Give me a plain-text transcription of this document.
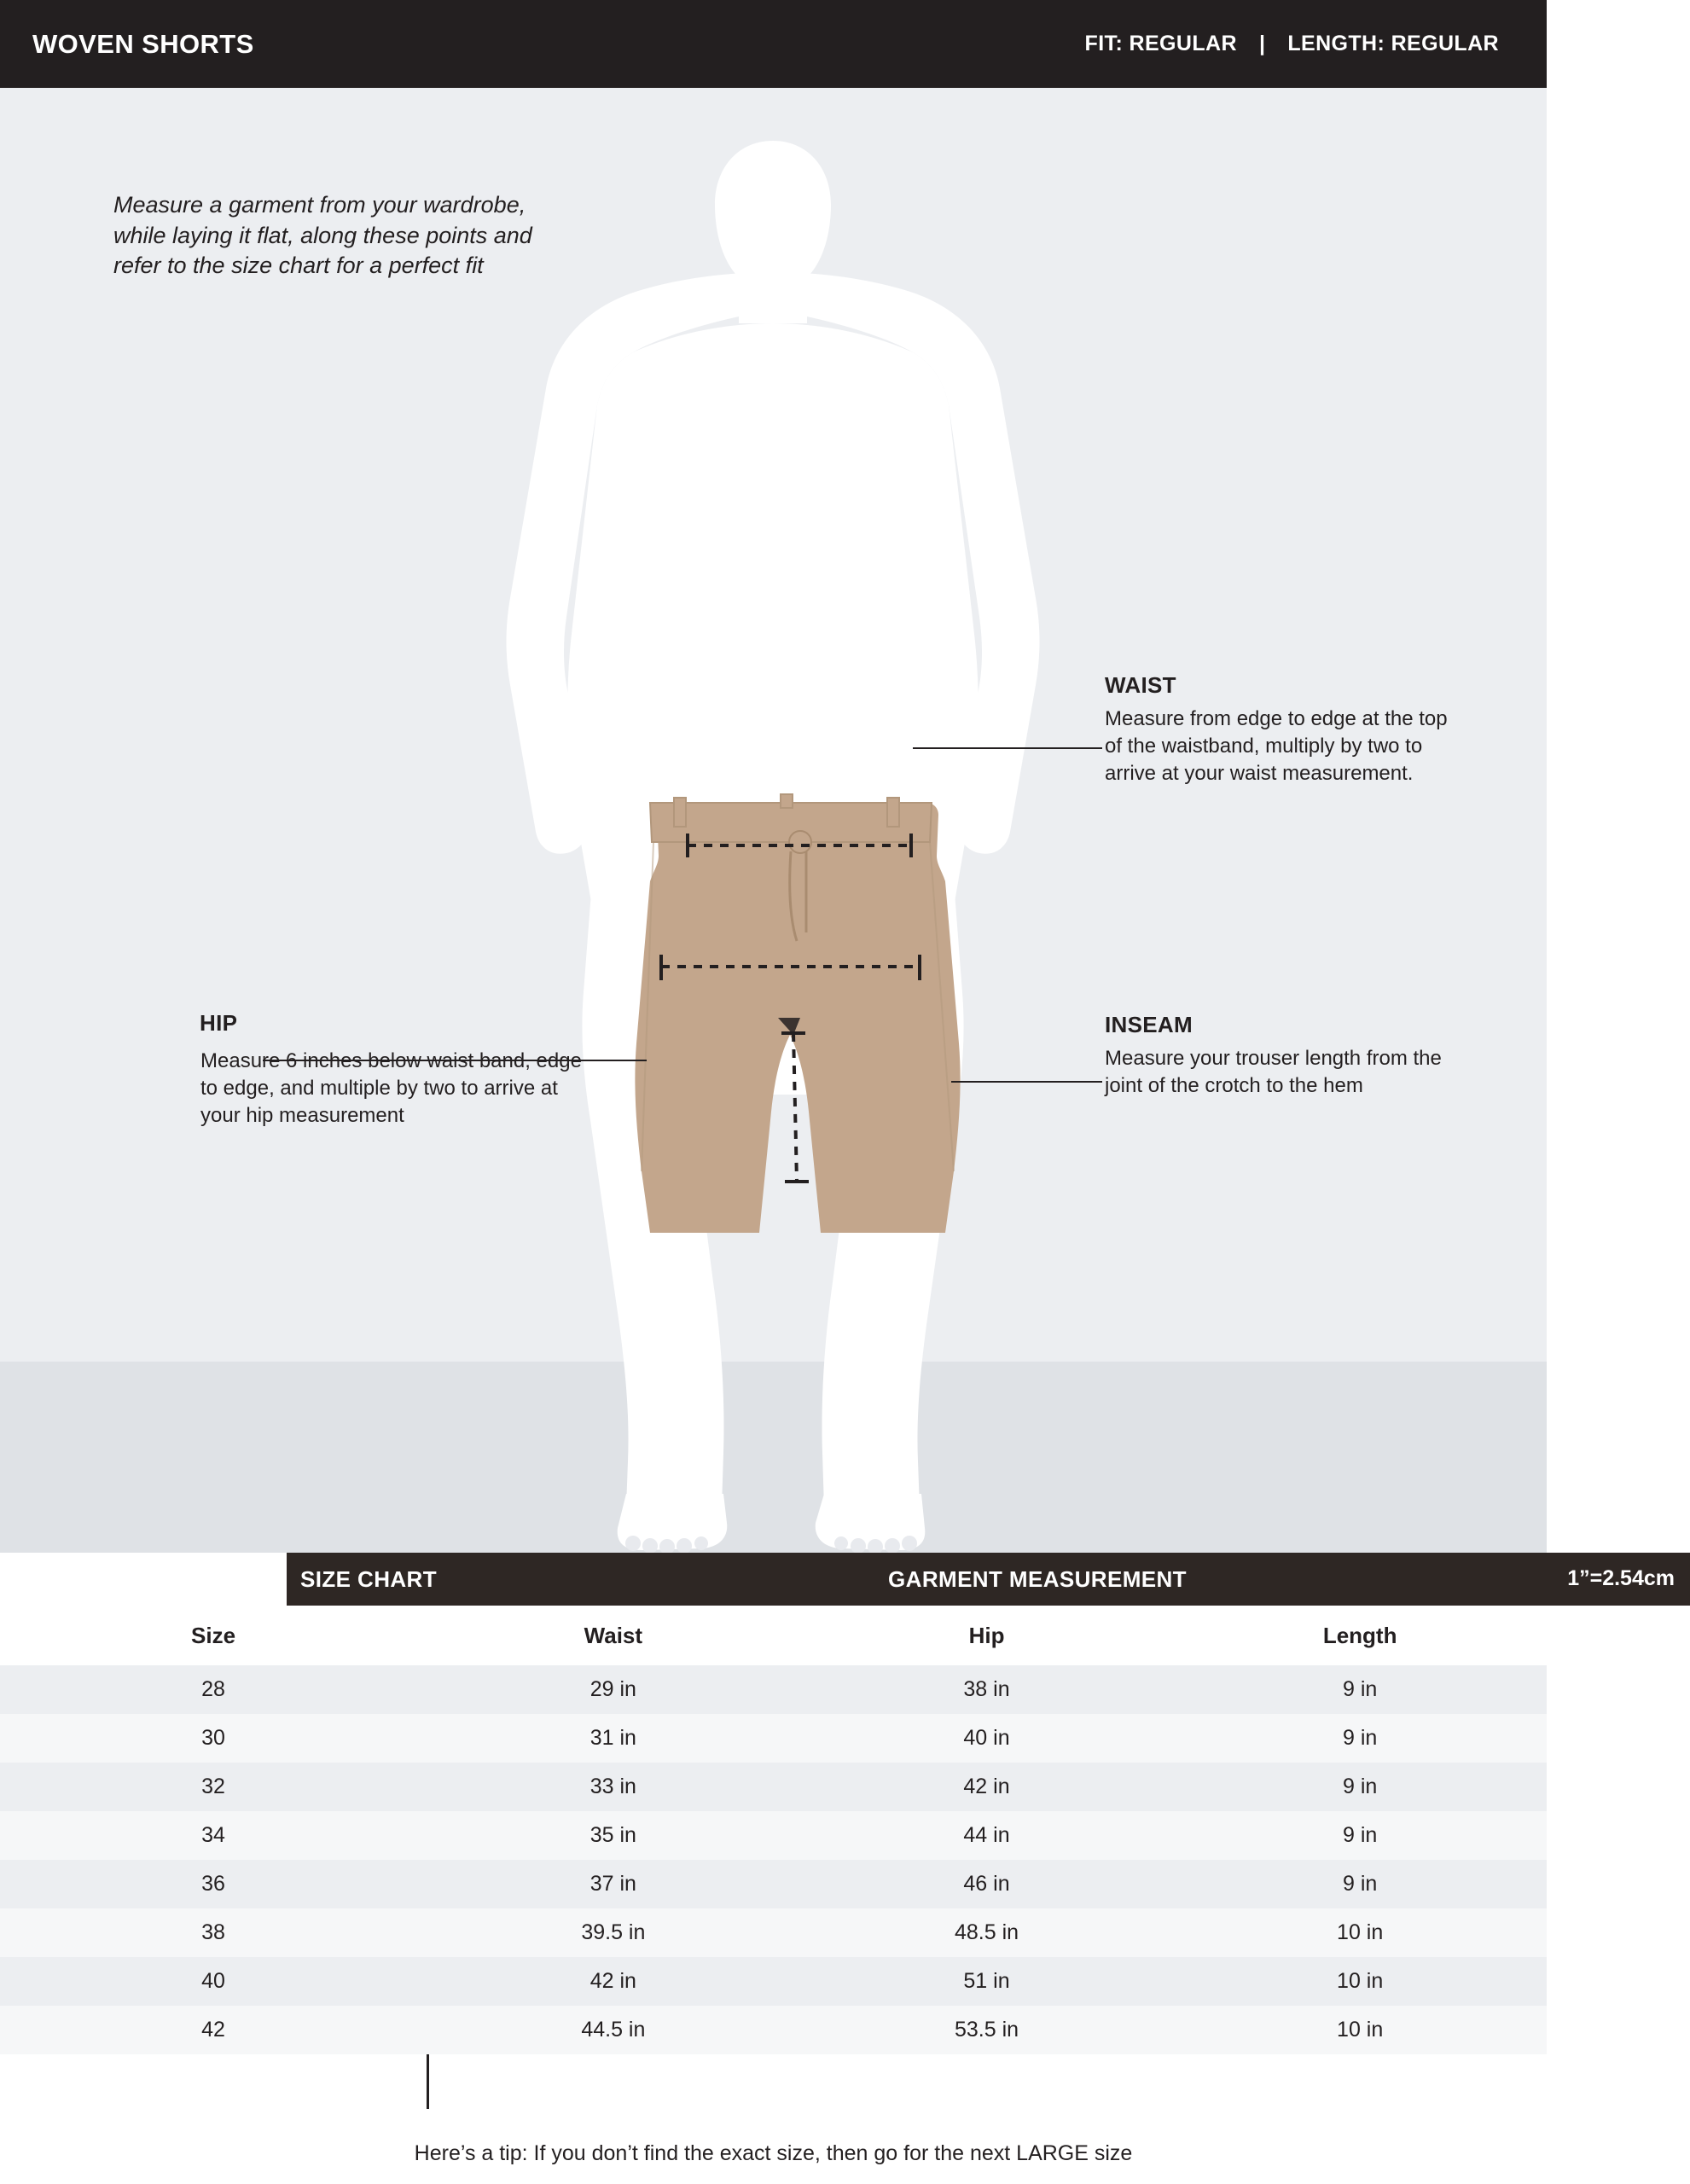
WOVEN SHORTS	FIT: REGULAR | LENGTH: REGULAR
Measure a garment from your wardrobe, while laying it flat, along these points and refer to the size chart for a perfect fit
WAIST
Measure from edge to edge at the top of the waistband, multiply by two to arrive at your waist measurement.
INSEAM
Measure your trouser length from the joint of the crotch to the hem
HIP
Measure 6 inches below waist band, edge to edge, and multiple by two to arrive at your hip measurement
SIZE CHART	GARMENT MEASUREMENT	1”=2.54cm
Size	Waist	Hip	Length
28	29 in	38 in	9 in
30	31 in	40 in	9 in
32	33 in	42 in	9 in
34	35 in	44 in	9 in
36	37 in	46 in	9 in
38	39.5 in	48.5 in	10 in
40	42 in	51 in	10 in
42	44.5 in	53.5 in	10 in
Here’s a tip: If you don’t find the exact size, then go for the next LARGE size
